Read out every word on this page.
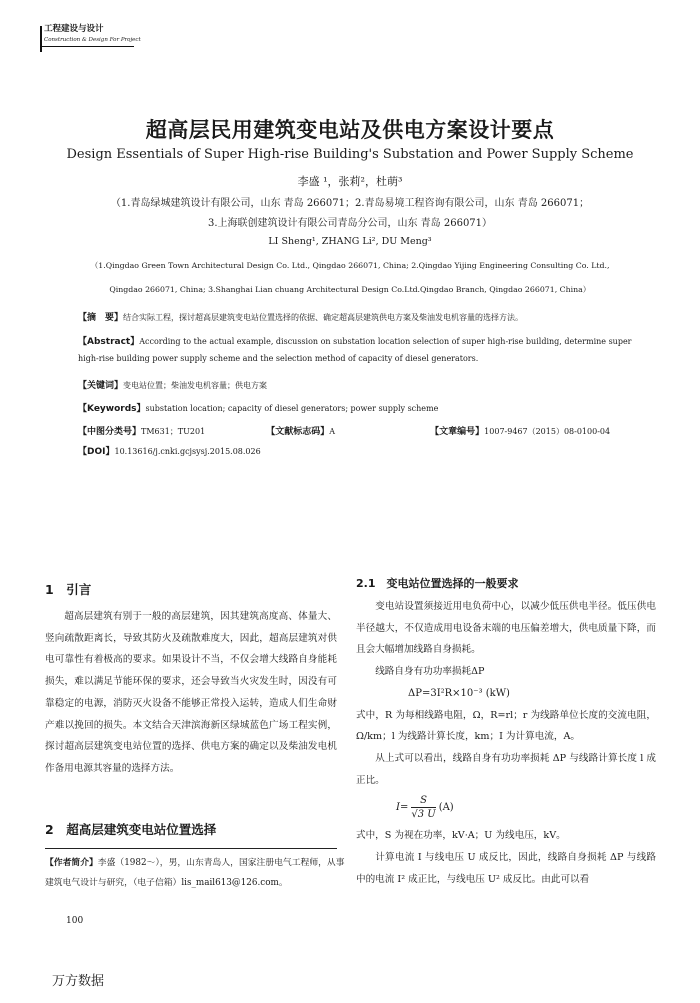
工程建设与设计
Construction & Design For Project
超高层民用建筑变电站及供电方案设计要点
Design Essentials of Super High-rise Building's Substation and Power Supply Scheme
李盛 ¹，张莉²，杜萌³
（1.青岛绿城建筑设计有限公司，山东 青岛 266071；2.青岛易境工程咨询有限公司，山东 青岛 266071；
3.上海联创建筑设计有限公司青岛分公司，山东 青岛 266071）
LI Sheng¹, ZHANG Li², DU Meng³
（1.Qingdao Green Town Architectural Design Co. Ltd., Qingdao 266071, China; 2.Qingdao Yijing Engineering Consulting Co. Ltd.,
Qingdao 266071, China; 3.Shanghai Lian chuang Architectural Design Co.Ltd.Qingdao Branch, Qingdao 266071, China）
【摘　要】结合实际工程，探讨超高层建筑变电站位置选择的依据、确定超高层建筑供电方案及柴油发电机容量的选择方法。
【Abstract】According to the actual example, discussion on substation location selection of super high-rise building, determine super
high-rise building power supply scheme and the selection method of capacity of diesel generators.
【关键词】变电站位置；柴油发电机容量；供电方案
【Keywords】substation location; capacity of diesel generators; power supply scheme
【中图分类号】TM631；TU201	【文献标志码】A	【文章编号】1007-9467（2015）08-0100-04
【DOI】10.13616/j.cnki.gcjsysj.2015.08.026
1　引言

超高层建筑有别于一般的高层建筑，因其建筑高度高、体量大、竖向疏散距离长，导致其防火及疏散难度大，因此，超高层建筑对供电可靠性有着极高的要求。如果设计不当，不仅会增大线路自身能耗损失，难以满足节能环保的要求，还会导致当火灾发生时，因没有可靠稳定的电源，消防灭火设备不能够正常投入运转，造成人们生命财产难以挽回的损失。本文结合天津滨海新区绿城蓝色广场工程实例，探讨超高层建筑变电站位置的选择、供电方案的确定以及柴油发电机作备用电源其容量的选择方法。

2　超高层建筑变电站位置选择
【作者简介】李盛（1982～），男，山东青岛人，国家注册电气工程师，从事建筑电气设计与研究，（电子信箱）lis_mail613@126.com。
100
万方数据
2.1　变电站位置选择的一般要求

变电站设置须接近用电负荷中心，以减少低压供电半径。低压供电半径越大，不仅造成用电设备末端的电压偏差增大，供电质量下降，而且会大幅增加线路自身损耗。

线路自身有功功率损耗ΔP

ΔP=3I²R×10⁻³ (kW)

式中，R 为每相线路电阻，Ω，R=rl；r 为线路单位长度的交流电阻，Ω/km；l 为线路计算长度，km；I 为计算电流，A。

从上式可以看出，线路自身有功功率损耗 ΔP 与线路计算长度 l 成正比。

$I= \frac{S}{√3 U} (A)$

式中，S 为视在功率，kV·A；U 为线电压，kV。

计算电流 I 与线电压 U 成反比，因此，线路自身损耗 ΔP 与线路中的电流 I² 成正比，与线电压 U² 成反比。由此可以看
